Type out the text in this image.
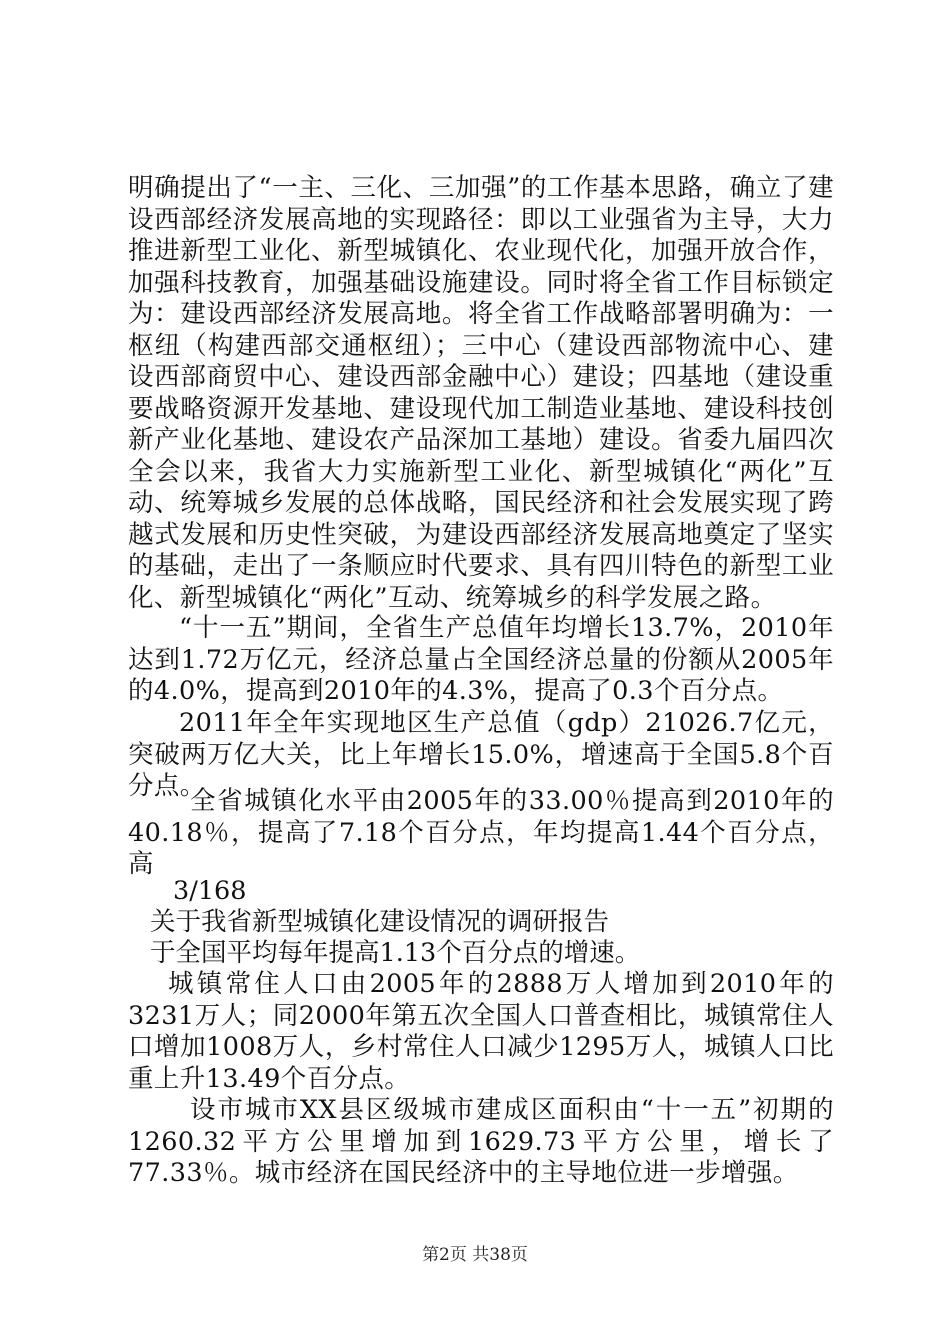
明确提出了“一主、三化、三加强”的工作基本思路，确立了建设西部经济发展高地的实现路径：即以工业强省为主导，大力推进新型工业化、新型城镇化、农业现代化，加强开放合作，加强科技教育，加强基础设施建设。同时将全省工作目标锁定为：建设西部经济发展高地。将全省工作战略部署明确为：一枢纽（构建西部交通枢纽）；三中心（建设西部物流中心、建设西部商贸中心、建设西部金融中心）建设；四基地（建设重要战略资源开发基地、建设现代加工制造业基地、建设科技创新产业化基地、建设农产品深加工基地）建设。省委九届四次全会以来，我省大力实施新型工业化、新型城镇化“两化”互动、统筹城乡发展的总体战略，国民经济和社会发展实现了跨越式发展和历史性突破，为建设西部经济发展高地奠定了坚实的基础，走出了一条顺应时代要求、具有四川特色的新型工业化、新型城镇化“两化”互动、统筹城乡的科学发展之路。

“十一五”期间，全省生产总值年均增长13.7%，2010年达到1.72万亿元，经济总量占全国经济总量的份额从2005年的4.0%，提高到2010年的4.3%，提高了0.3个百分点。

2011年全年实现地区生产总值（gdp）21026.7亿元，突破两万亿大关，比上年增长15.0%，增速高于全国5.8个百分点。

全省城镇化水平由2005年的33.00％提高到2010年的40.18％，提高了7.18个百分点，年均提高1.44个百分点，高

3/168

关于我省新型城镇化建设情况的调研报告

于全国平均每年提高1.13个百分点的增速。

城镇常住人口由2005年的2888万人增加到2010年的3231万人；同2000年第五次全国人口普查相比，城镇常住人口增加1008万人，乡村常住人口减少1295万人，城镇人口比重上升13.49个百分点。

设市城市XX县区级城市建成区面积由“十一五”初期的1260.32平方公里增加到1629.73平方公里，增长了77.33％。城市经济在国民经济中的主导地位进一步增强。

第2页 共38页
